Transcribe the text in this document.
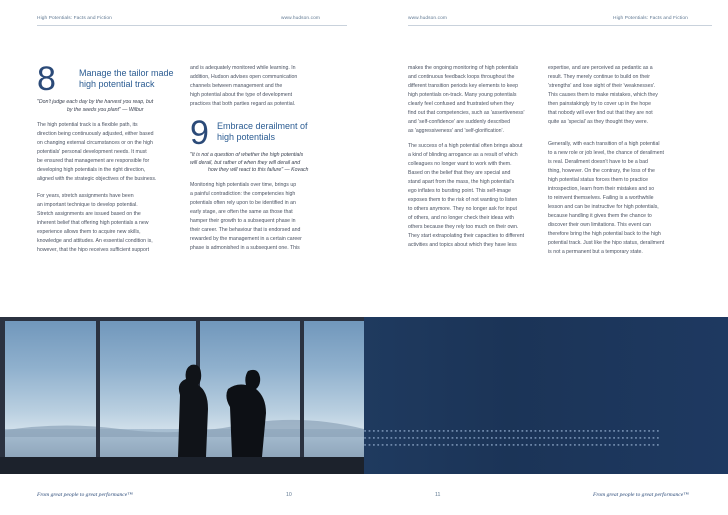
High Potentials: Facts and Fiction	www.hudson.com
8	Manage the tailor made
high potential track
"Don't judge each day by the harvest you reap, but
by the seeds you plant" — Wilbur
The high potential track is a flexible path, its
direction being continuously adjusted, either based
on changing external circumstances or on the high
potentials' personal development needs. It must
be ensured that management are responsible for
developing high potentials in the right direction,
aligned with the strategic objectives of the business.
For years, stretch assignments have been
an important technique to develop potential.
Stretch assignments are issued based on the
inherent belief that offering high potentials a new
experience allows them to acquire new skills,
knowledge and attitudes. An essential condition is,
however, that the hipo receives sufficient support
and is adequately monitored while learning. In
addition, Hudson advises open communication
channels between management and the
high potential about the type of development
practices that both parties regard as potential.
9 Embrace derailment of
high potentials
"It is not a question of whether the high potentials
will derail, but rather of when they will derail and
how they will react to this failure" — Kovach
Monitoring high potentials over time, brings up
a painful contradiction: the competencies high
potentials often rely upon to be identified in an
early stage, are often the same as those that
hamper their growth to a subsequent phase in
their career. The behaviour that is endorsed and
rewarded by the management in a certain career
phase is admonished in a subsequent one. This
From great people to great performance™	10
www.hudson.com	High Potentials: Facts and Fiction
makes the ongoing monitoring of high potentials
and continuous feedback loops throughout the
different transition periods key elements to keep
high potentials on-track. Many young potentials
clearly feel confused and frustrated when they
find out that competencies, such as 'assertiveness'
and 'self-confidence' are suddenly described
as 'aggressiveness' and 'self-glorification'.
The success of a high potential often brings about
a kind of blinding arrogance as a result of which
colleagues no longer want to work with them.
Based on the belief that they are special and
stand apart from the mass, the high potential's
ego inflates to bursting point. This self-image
exposes them to the risk of not wanting to listen
to others anymore. They no longer ask for input
of others, and no longer check their ideas with
others because they rely too much on their own.
They start extrapolating their capacities to different
activities and topics about which they have less
expertise, and are perceived as pedantic as a
result. They merely continue to build on their
'strengths' and lose sight of their 'weaknesses'.
This causes them to make mistakes, which they
then painstakingly try to cover up in the hope
that nobody will ever find out that they are not
quite as 'special' as they thought they were.
Generally, with each transition of a high potential
to a new role or job level, the chance of derailment
is real. Derailment doesn't have to be a bad
thing, however. On the contrary, the loss of the
high potential status forces them to practice
introspection, learn from their mistakes and so
to reinvent themselves. Failing is a worthwhile
lesson and can be instructive for high potentials,
because handling it gives them the chance to
discover their own limitations. This event can
therefore bring the high potential back to the high
potential track. Just like the hipo status, derailment
is not a permanent but a temporary state.
■ ■ ■ ■ ■ ■ ■ ■ ■ ■ ■ ■ ■ ■ ■ ■ ■ ■ ■ ■ ■ ■ ■ ■ ■ ■ ■ ■ ■ ■ ■ ■ ■ ■ ■ ■ ■ ■ ■ ■ ■ ■ ■ ■ ■ ■ ■ ■ ■ ■ ■ ■ ■ ■ ■ ■ ■ ■ ■ ■ ■ ■ ■ ■ ■ ■ ■ ■
■ ■ ■ ■ ■ ■ ■ ■ ■ ■ ■ ■ ■ ■ ■ ■ ■ ■ ■ ■ ■ ■ ■ ■ ■ ■ ■ ■ ■ ■ ■ ■ ■ ■ ■ ■ ■ ■ ■ ■ ■ ■ ■ ■ ■ ■ ■ ■ ■ ■ ■ ■ ■ ■ ■ ■ ■ ■ ■ ■ ■ ■ ■ ■ ■ ■ ■ ■
■ ■ ■ ■ ■ ■ ■ ■ ■ ■ ■ ■ ■ ■ ■ ■ ■ ■ ■ ■ ■ ■ ■ ■ ■ ■ ■ ■ ■ ■ ■ ■ ■ ■ ■ ■ ■ ■ ■ ■ ■ ■ ■ ■ ■ ■ ■ ■ ■ ■ ■ ■ ■ ■ ■ ■ ■ ■ ■ ■ ■ ■ ■ ■ ■ ■ ■ ■
11	From great people to great performance™
